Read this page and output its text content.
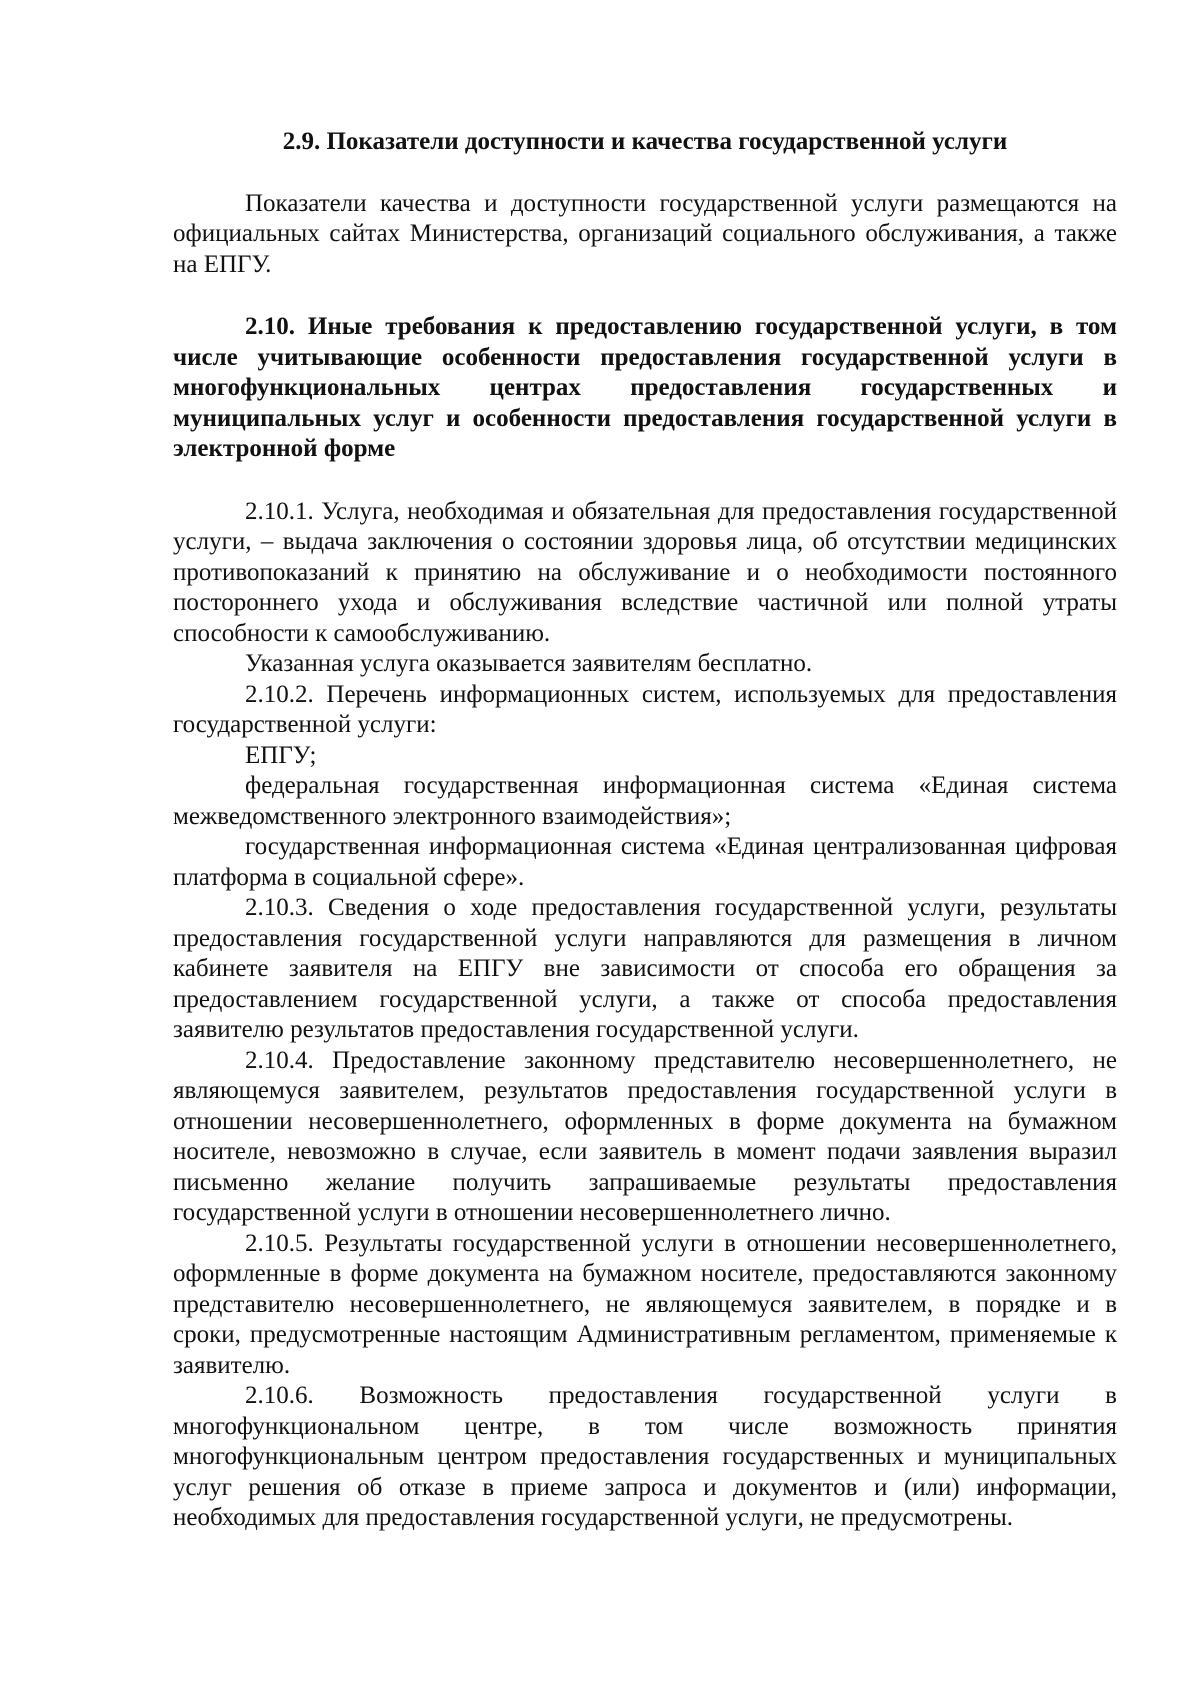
2.9. Показатели доступности и качества государственной услуги

Показатели качества и доступности государственной услуги размещаются на официальных сайтах Министерства, организаций социального обслуживания, а также на ЕПГУ.

2.10. Иные требования к предоставлению государственной услуги, в том числе учитывающие особенности предоставления государственной услуги в многофункциональных центрах предоставления государственных и муниципальных услуг и особенности предоставления государственной услуги в электронной форме

2.10.1. Услуга, необходимая и обязательная для предоставления государственной услуги, – выдача заключения о состоянии здоровья лица, об отсутствии медицинских противопоказаний к принятию на обслуживание и о необходимости постоянного постороннего ухода и обслуживания вследствие частичной или полной утраты способности к самообслуживанию.

Указанная услуга оказывается заявителям бесплатно.

2.10.2. Перечень информационных систем, используемых для предоставления государственной услуги:

ЕПГУ;

федеральная государственная информационная система «Единая система межведомственного электронного взаимодействия»;

государственная информационная система «Единая централизованная цифровая платформа в социальной сфере».

2.10.3. Сведения о ходе предоставления государственной услуги, результаты предоставления государственной услуги направляются для размещения в личном кабинете заявителя на ЕПГУ вне зависимости от способа его обращения за предоставлением государственной услуги, а также от способа предоставления заявителю результатов предоставления государственной услуги.

2.10.4. Предоставление законному представителю несовершеннолетнего, не являющемуся заявителем, результатов предоставления государственной услуги в отношении несовершеннолетнего, оформленных в форме документа на бумажном носителе, невозможно в случае, если заявитель в момент подачи заявления выразил письменно желание получить запрашиваемые результаты предоставления государственной услуги в отношении несовершеннолетнего лично.

2.10.5. Результаты государственной услуги в отношении несовершеннолетнего, оформленные в форме документа на бумажном носителе, предоставляются законному представителю несовершеннолетнего, не являющемуся заявителем, в порядке и в сроки, предусмотренные настоящим Административным регламентом, применяемые к заявителю.

2.10.6. Возможность предоставления государственной услуги в многофункциональном центре, в том числе возможность принятия многофункциональным центром предоставления государственных и муниципальных услуг решения об отказе в приеме запроса и документов и (или) информации, необходимых для предоставления государственной услуги, не предусмотрены.
